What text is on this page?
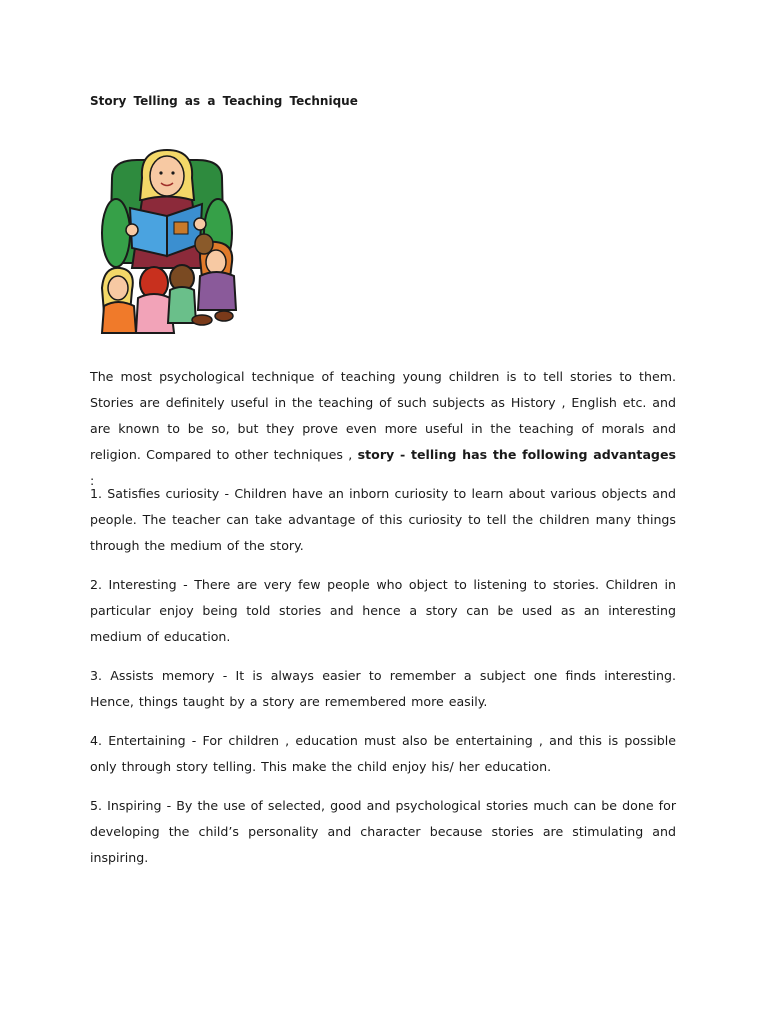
Story Telling as a Teaching Technique
The most psychological technique of teaching young children is to tell stories to them. Stories are definitely useful in the teaching of such subjects as History , English etc. and are known to be so, but they prove even more useful in the teaching of morals and religion. Compared to other techniques , story - telling has the following advantages :
1. Satisfies curiosity - Children have an inborn curiosity to learn about various objects and people. The teacher can take advantage of this curiosity to tell the children many things through the medium of the story.
2. Interesting - There are very few people who object to listening to stories. Children in particular enjoy being told stories and hence a story can be used as an interesting medium of education.
3. Assists memory - It is always easier to remember a subject one finds interesting. Hence, things taught by a story are remembered more easily.
4. Entertaining - For children , education must also be entertaining , and this is possible only through story telling. This make the child enjoy his/ her education.
5. Inspiring - By the use of selected, good and psychological stories much can be done for developing the child’s personality and character because stories are stimulating and inspiring.
